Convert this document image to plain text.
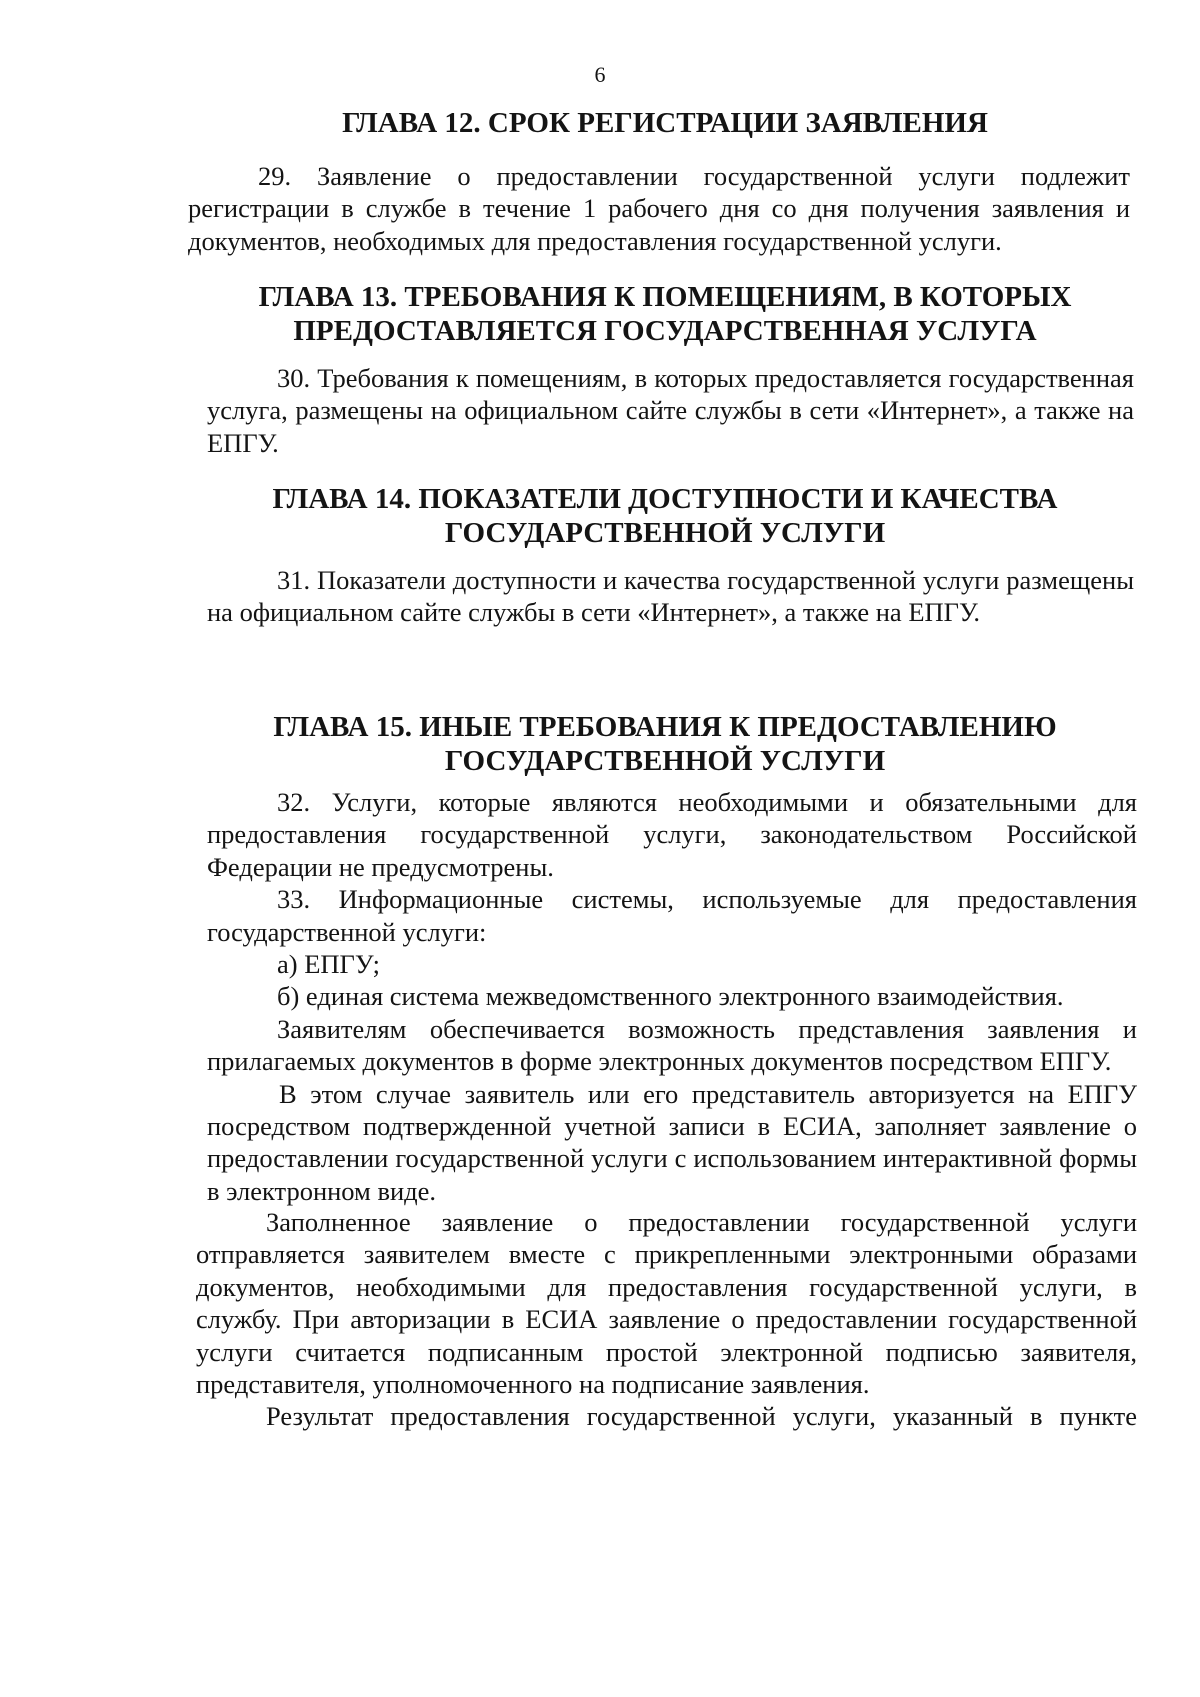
6
ГЛАВА 12. СРОК РЕГИСТРАЦИИ ЗАЯВЛЕНИЯ

29. Заявление о предоставлении государственной услуги подлежит регистрации в службе в течение 1 рабочего дня со дня получения заявления и документов, необходимых для предоставления государственной услуги.

ГЛАВА 13. ТРЕБОВАНИЯ К ПОМЕЩЕНИЯМ, В КОТОРЫХ
ПРЕДОСТАВЛЯЕТСЯ ГОСУДАРСТВЕННАЯ УСЛУГА

30. Требования к помещениям, в которых предоставляется государственная услуга, размещены на официальном сайте службы в сети «Интернет», а также на ЕПГУ.

ГЛАВА 14. ПОКАЗАТЕЛИ ДОСТУПНОСТИ И КАЧЕСТВА
ГОСУДАРСТВЕННОЙ УСЛУГИ

31. Показатели доступности и качества государственной услуги размещены на официальном сайте службы в сети «Интернет», а также на ЕПГУ.

ГЛАВА 15. ИНЫЕ ТРЕБОВАНИЯ К ПРЕДОСТАВЛЕНИЮ
ГОСУДАРСТВЕННОЙ УСЛУГИ

32. Услуги, которые являются необходимыми и обязательными для предоставления государственной услуги, законодательством Российской Федерации не предусмотрены.

33. Информационные системы, используемые для предоставления государственной услуги:

а) ЕПГУ;

б) единая система межведомственного электронного взаимодействия.

Заявителям обеспечивается возможность представления заявления и прилагаемых документов в форме электронных документов посредством ЕПГУ.

В этом случае заявитель или его представитель авторизуется на ЕПГУ посредством подтвержденной учетной записи в ЕСИА, заполняет заявление о предоставлении государственной услуги с использованием интерактивной формы в электронном виде.

Заполненное заявление о предоставлении государственной услуги отправляется заявителем вместе с прикрепленными электронными образами документов, необходимыми для предоставления государственной услуги, в службу. При авторизации в ЕСИА заявление о предоставлении государственной услуги считается подписанным простой электронной подписью заявителя, представителя, уполномоченного на подписание заявления.

Результат предоставления государственной услуги, указанный в пункте
